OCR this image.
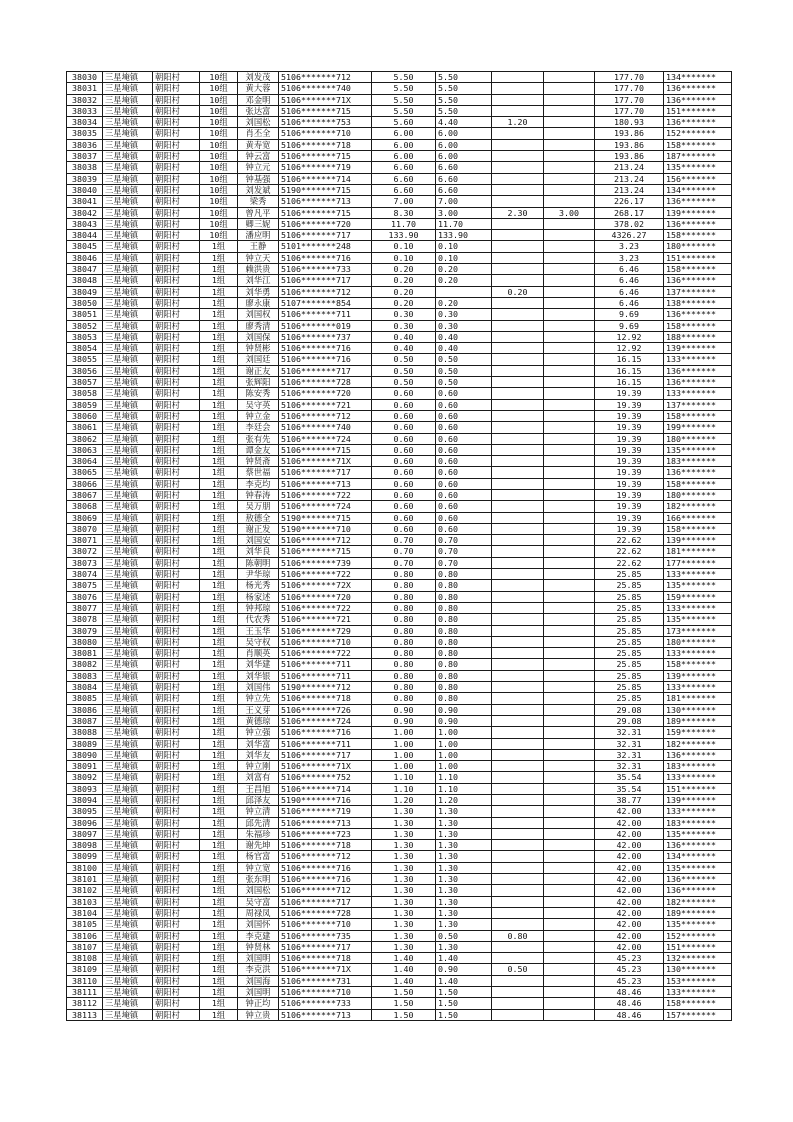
38030	三星埯镇	朝阳村	10组	刘发茂	5106*******712	5.50	5.50			177.70	134*******
38031	三星埯镇	朝阳村	10组	黄大蓉	5106*******740	5.50	5.50			177.70	136*******
38032	三星埯镇	朝阳村	10组	邓金明	5106*******71X	5.50	5.50			177.70	136*******
38033	三星埯镇	朝阳村	10组	张达富	5106*******715	5.50	5.50			177.70	151*******
38034	三星埯镇	朝阳村	10组	刘国松	5106*******753	5.60	4.40	1.20		180.93	136*******
38035	三星埯镇	朝阳村	10组	肖丕全	5106*******710	6.00	6.00			193.86	152*******
38036	三星埯镇	朝阳村	10组	黄寿宽	5106*******718	6.00	6.00			193.86	158*******
38037	三星埯镇	朝阳村	10组	钟云富	5106*******715	6.00	6.00			193.86	187*******
38038	三星埯镇	朝阳村	10组	钟立元	5106*******719	6.60	6.60			213.24	135*******
38039	三星埯镇	朝阳村	10组	钟基强	5106*******714	6.60	6.60			213.24	156*******
38040	三星埯镇	朝阳村	10组	刘发斌	5190*******715	6.60	6.60			213.24	134*******
38041	三星埯镇	朝阳村	10组	梁秀	5106*******713	7.00	7.00			226.17	136*******
38042	三星埯镇	朝阳村	10组	曾凡平	5106*******715	8.30	3.00	2.30	3.00	268.17	139*******
38043	三星埯镇	朝阳村	10组	卿三妮	5106*******720	11.70	11.70			378.02	136*******
38044	三星埯镇	朝阳村	10组	潘应明	5106*******717	133.90	133.90			4326.27	158*******
38045	三星埯镇	朝阳村	1组	王静	5101*******248	0.10	0.10			3.23	180*******
38046	三星埯镇	朝阳村	1组	钟立天	5106*******716	0.10	0.10			3.23	151*******
38047	三星埯镇	朝阳村	1组	赖洪贵	5106*******733	0.20	0.20			6.46	158*******
38048	三星埯镇	朝阳村	1组	刘华江	5106*******717	0.20	0.20			6.46	136*******
38049	三星埯镇	朝阳村	1组	刘华勇	5106*******712	0.20		0.20		6.46	137*******
38050	三星埯镇	朝阳村	1组	廖永康	5107*******854	0.20	0.20			6.46	138*******
38051	三星埯镇	朝阳村	1组	刘国权	5106*******711	0.30	0.30			9.69	136*******
38052	三星埯镇	朝阳村	1组	廖秀清	5106*******019	0.30	0.30			9.69	158*******
38053	三星埯镇	朝阳村	1组	刘国保	5106*******737	0.40	0.40			12.92	188*******
38054	三星埯镇	朝阳村	1组	钟贤彬	5106*******716	0.40	0.40			12.92	139*******
38055	三星埯镇	朝阳村	1组	刘国廷	5106*******716	0.50	0.50			16.15	133*******
38056	三星埯镇	朝阳村	1组	谢正友	5106*******717	0.50	0.50			16.15	136*******
38057	三星埯镇	朝阳村	1组	张辉阳	5106*******728	0.50	0.50			16.15	136*******
38058	三星埯镇	朝阳村	1组	陈安秀	5106*******720	0.60	0.60			19.39	133*******
38059	三星埯镇	朝阳村	1组	吴守英	5106*******721	0.60	0.60			19.39	137*******
38060	三星埯镇	朝阳村	1组	钟立金	5106*******712	0.60	0.60			19.39	158*******
38061	三星埯镇	朝阳村	1组	李廷会	5106*******740	0.60	0.60			19.39	199*******
38062	三星埯镇	朝阳村	1组	张有先	5106*******724	0.60	0.60			19.39	180*******
38063	三星埯镇	朝阳村	1组	谭金友	5106*******715	0.60	0.60			19.39	135*******
38064	三星埯镇	朝阳村	1组	钟贤斋	5106*******71X	0.60	0.60			19.39	183*******
38065	三星埯镇	朝阳村	1组	蔡世福	5106*******717	0.60	0.60			19.39	136*******
38066	三星埯镇	朝阳村	1组	李克均	5106*******713	0.60	0.60			19.39	158*******
38067	三星埯镇	朝阳村	1组	钟春涛	5106*******722	0.60	0.60			19.39	180*******
38068	三星埯镇	朝阳村	1组	吴万朋	5106*******724	0.60	0.60			19.39	182*******
38069	三星埯镇	朝阳村	1组	敖德全	5190*******715	0.60	0.60			19.39	166*******
38070	三星埯镇	朝阳村	1组	谢正发	5190*******710	0.60	0.60			19.39	158*******
38071	三星埯镇	朝阳村	1组	刘国安	5106*******712	0.70	0.70			22.62	139*******
38072	三星埯镇	朝阳村	1组	刘华良	5106*******715	0.70	0.70			22.62	181*******
38073	三星埯镇	朝阳村	1组	陈朝明	5106*******739	0.70	0.70			22.62	177*******
38074	三星埯镇	朝阳村	1组	尹华琼	5106*******722	0.80	0.80			25.85	133*******
38075	三星埯镇	朝阳村	1组	杨光秀	5106*******72X	0.80	0.80			25.85	135*******
38076	三星埯镇	朝阳村	1组	杨家述	5106*******720	0.80	0.80			25.85	159*******
38077	三星埯镇	朝阳村	1组	钟邦琼	5106*******722	0.80	0.80			25.85	133*******
38078	三星埯镇	朝阳村	1组	代农秀	5106*******721	0.80	0.80			25.85	135*******
38079	三星埯镇	朝阳村	1组	王玉华	5106*******729	0.80	0.80			25.85	173*******
38080	三星埯镇	朝阳村	1组	吴守权	5106*******710	0.80	0.80			25.85	180*******
38081	三星埯镇	朝阳村	1组	肖顺英	5106*******722	0.80	0.80			25.85	133*******
38082	三星埯镇	朝阳村	1组	刘华建	5106*******711	0.80	0.80			25.85	158*******
38083	三星埯镇	朝阳村	1组	刘华银	5106*******711	0.80	0.80			25.85	139*******
38084	三星埯镇	朝阳村	1组	刘国伟	5190*******712	0.80	0.80			25.85	133*******
38085	三星埯镇	朝阳村	1组	钟立先	5106*******718	0.80	0.80			25.85	181*******
38086	三星埯镇	朝阳村	1组	王义芽	5106*******726	0.90	0.90			29.08	130*******
38087	三星埯镇	朝阳村	1组	黄德琼	5106*******724	0.90	0.90			29.08	189*******
38088	三星埯镇	朝阳村	1组	钟立强	5106*******716	1.00	1.00			32.31	159*******
38089	三星埯镇	朝阳村	1组	刘华富	5106*******711	1.00	1.00			32.31	182*******
38090	三星埯镇	朝阳村	1组	刘华友	5106*******717	1.00	1.00			32.31	136*******
38091	三星埯镇	朝阳村	1组	钟立刚	5106*******71X	1.00	1.00			32.31	183*******
38092	三星埯镇	朝阳村	1组	刘富有	5106*******752	1.10	1.10			35.54	133*******
38093	三星埯镇	朝阳村	1组	王昌旭	5106*******714	1.10	1.10			35.54	151*******
38094	三星埯镇	朝阳村	1组	邱泽友	5190*******716	1.20	1.20			38.77	139*******
38095	三星埯镇	朝阳村	1组	钟立清	5106*******719	1.30	1.30			42.00	133*******
38096	三星埯镇	朝阳村	1组	邱先清	5106*******713	1.30	1.30			42.00	183*******
38097	三星埯镇	朝阳村	1组	朱福珍	5106*******723	1.30	1.30			42.00	135*******
38098	三星埯镇	朝阳村	1组	谢先坤	5106*******718	1.30	1.30			42.00	136*******
38099	三星埯镇	朝阳村	1组	杨官富	5106*******712	1.30	1.30			42.00	134*******
38100	三星埯镇	朝阳村	1组	钟立宽	5106*******716	1.30	1.30			42.00	135*******
38101	三星埯镇	朝阳村	1组	张东明	5106*******716	1.30	1.30			42.00	136*******
38102	三星埯镇	朝阳村	1组	刘国松	5106*******712	1.30	1.30			42.00	136*******
38103	三星埯镇	朝阳村	1组	吴守富	5106*******717	1.30	1.30			42.00	182*******
38104	三星埯镇	朝阳村	1组	周禄凤	5106*******728	1.30	1.30			42.00	189*******
38105	三星埯镇	朝阳村	1组	刘国怀	5106*******710	1.30	1.30			42.00	135*******
38106	三星埯镇	朝阳村	1组	李克建	5106*******735	1.30	0.50	0.80		42.00	152*******
38107	三星埯镇	朝阳村	1组	钟贤林	5106*******717	1.30	1.30			42.00	151*******
38108	三星埯镇	朝阳村	1组	刘国明	5106*******718	1.40	1.40			45.23	132*******
38109	三星埯镇	朝阳村	1组	李克洪	5106*******71X	1.40	0.90	0.50		45.23	130*******
38110	三星埯镇	朝阳村	1组	刘国海	5106*******731	1.40	1.40			45.23	153*******
38111	三星埯镇	朝阳村	1组	刘国明	5106*******710	1.50	1.50			48.46	133*******
38112	三星埯镇	朝阳村	1组	钟正均	5106*******733	1.50	1.50			48.46	158*******
38113	三星埯镇	朝阳村	1组	钟立贵	5106*******713	1.50	1.50			48.46	157*******
